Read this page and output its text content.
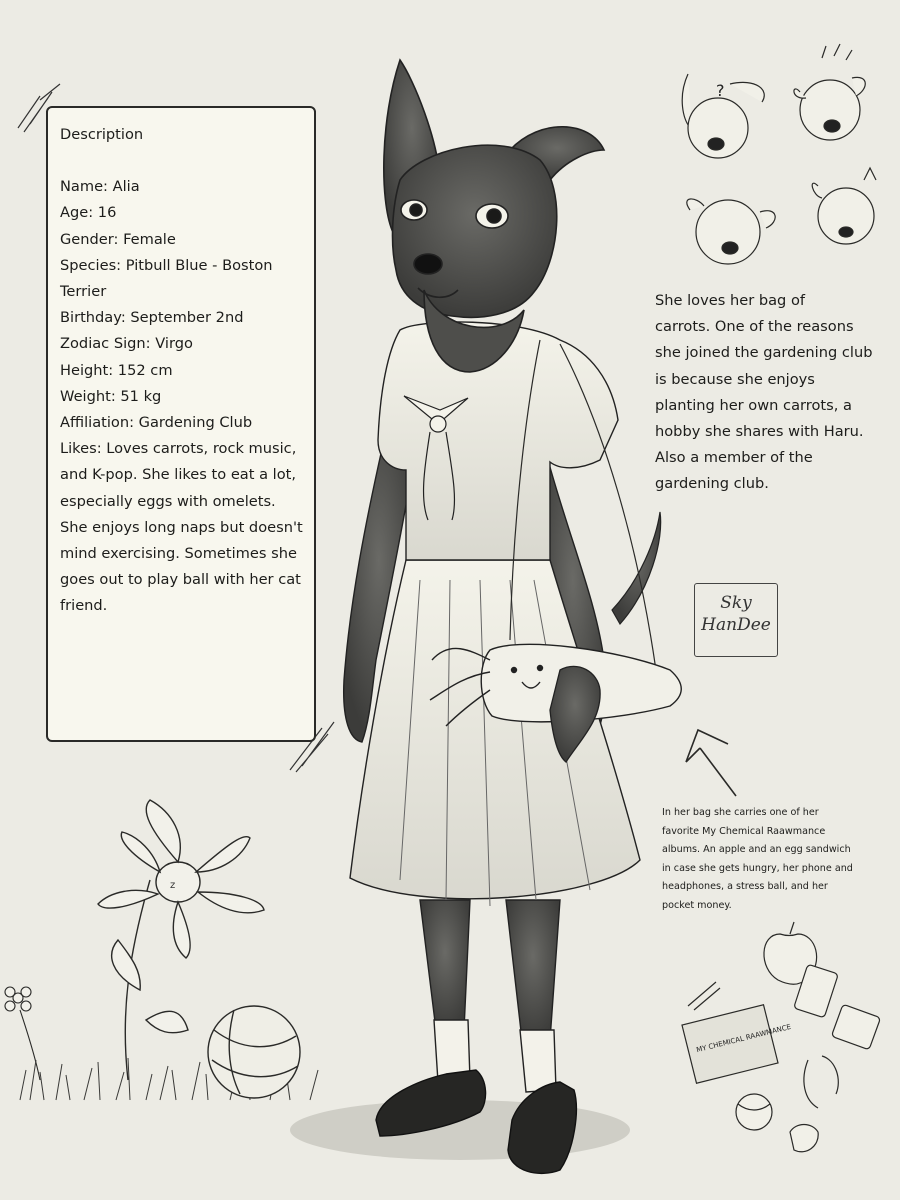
z
?
MY CHEMICAL RAAWMANCE
Description
Name: Alia
Age: 16
Gender: Female
Species: Pitbull Blue - Boston
Terrier
Birthday: September 2nd
Zodiac Sign: Virgo
Height: 152 cm
Weight: 51 kg
Affiliation: Gardening Club
Likes: Loves carrots, rock music, and K-pop. She likes to eat a lot, especially eggs with omelets. She enjoys long naps but doesn't mind exercising. Sometimes she goes out to play ball with her cat friend.
She loves her bag of
carrots. One of the reasons
she joined the gardening club
is because she enjoys
planting her own carrots, a
hobby she shares with Haru.
Also a member of the
gardening club.
Sky
HanDee
In her bag she carries one of her
favorite My Chemical Raawmance
albums. An apple and an egg sandwich
in case she gets hungry, her phone and
headphones, a stress ball, and her
pocket money.
